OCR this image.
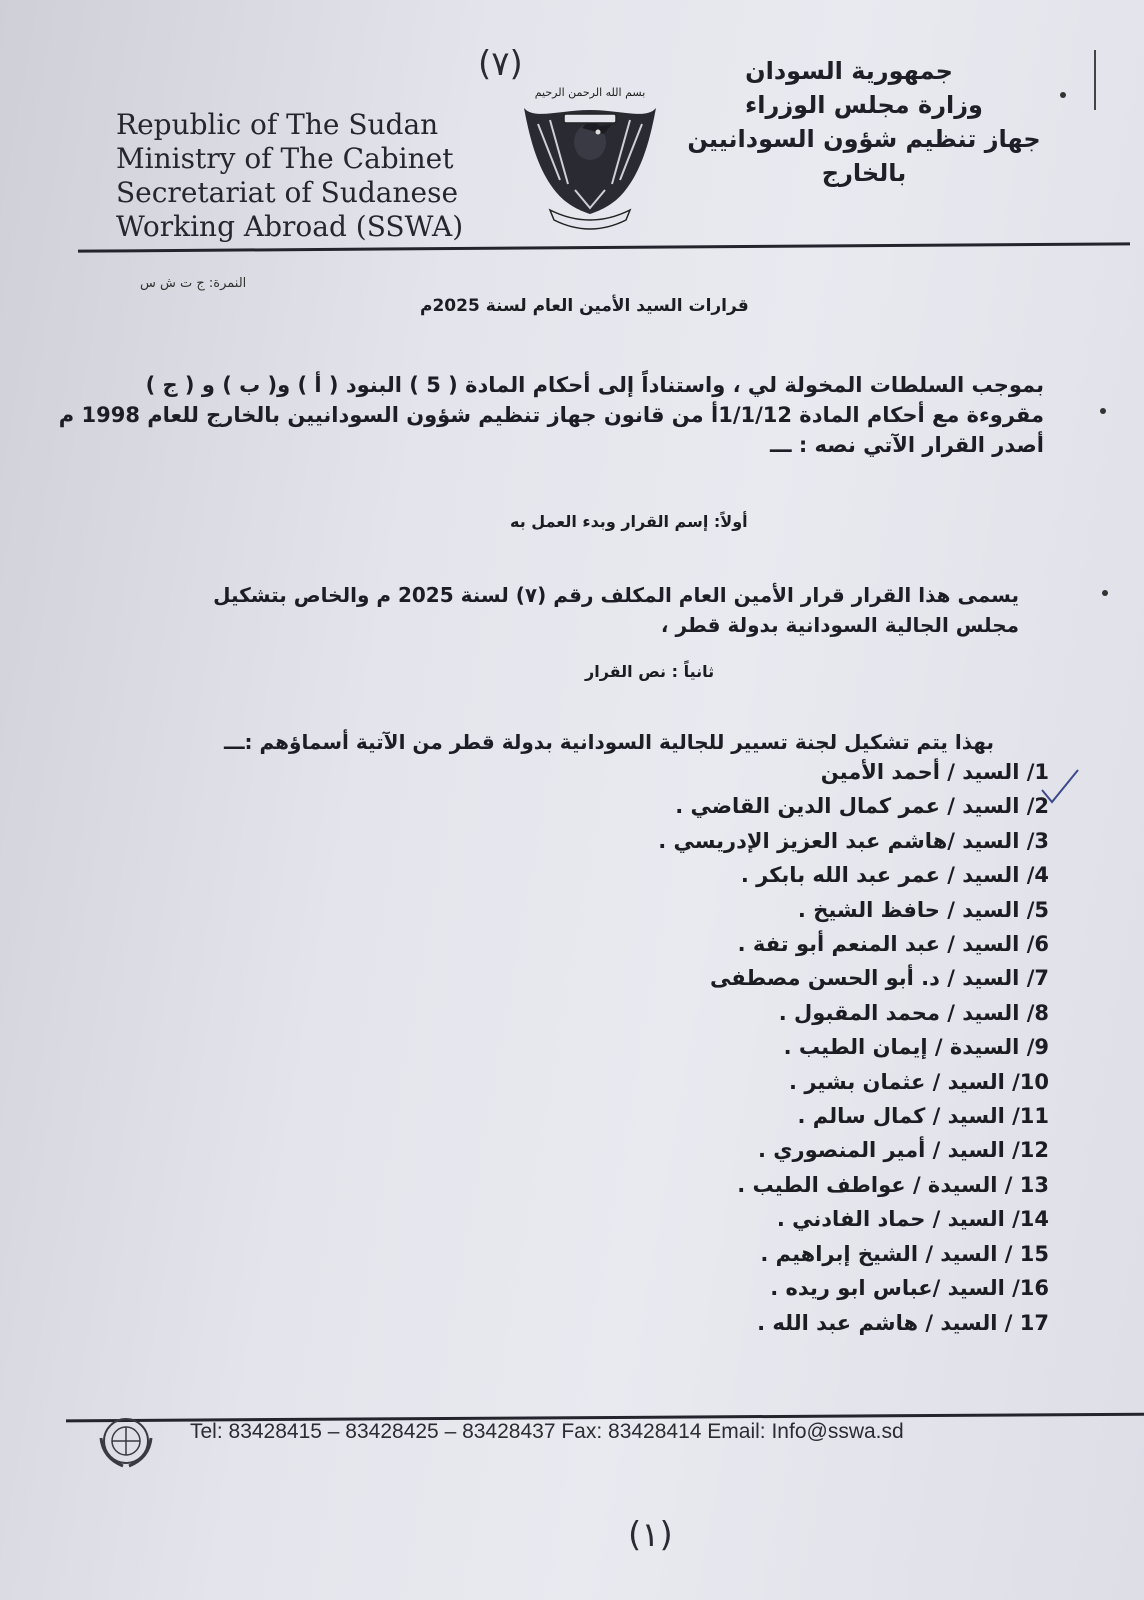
(٧)
Republic of The Sudan
Ministry of The Cabinet
Secretariat of Sudanese
Working Abroad (SSWA)
بسم الله الرحمن الرحيم
جمهورية السودان
وزارة مجلس الوزراء
جهاز تنظيم شؤون السودانيين
بالخارج
النمرة: ج ت ش س
قرارات السيد الأمين العام لسنة 2025م
بموجب السلطات المخولة لي ، واستناداً إلى أحكام المادة ( 5 ) البنود ( أ ) و( ب ) و ( ج )
مقروءة مع أحكام المادة 1/1/12أ من قانون جهاز تنظيم شؤون السودانيين بالخارج للعام 1998 م
أصدر القرار الآتي نصه : ـــ
أولاً: إسم القرار وبدء العمل به
يسمى هذا القرار قرار الأمين العام المكلف رقم (٧) لسنة 2025 م والخاص بتشكيل
مجلس الجالية السودانية بدولة قطر ،
ثانياً : نص القرار
بهذا يتم تشكيل لجنة تسيير للجالية السودانية بدولة قطر من الآتية أسماؤهم :ـــ
1/ السيد / أحمد الأمين
2/ السيد / عمر كمال الدين القاضي .
3/ السيد /هاشم عبد العزيز الإدريسي .
4/ السيد / عمر عبد الله بابكر .
5/ السيد / حافظ الشيخ .
6/ السيد / عبد المنعم أبو تفة .
7/ السيد / د. أبو الحسن مصطفى
8/ السيد / محمد المقبول .
9/ السيدة / إيمان الطيب .
10/ السيد / عثمان بشير .
11/ السيد / كمال سالم .
12/ السيد / أمير المنصوري .
13 / السيدة / عواطف الطيب .
14/ السيد / حماد الفادني .
15 / السيد / الشيخ إبراهيم .
16/ السيد /عباس ابو ريده .
17 / السيد / هاشم عبد الله .
Tel: 83428415 – 83428425 – 83428437 Fax: 83428414 Email: Info@sswa.sd
(١)
